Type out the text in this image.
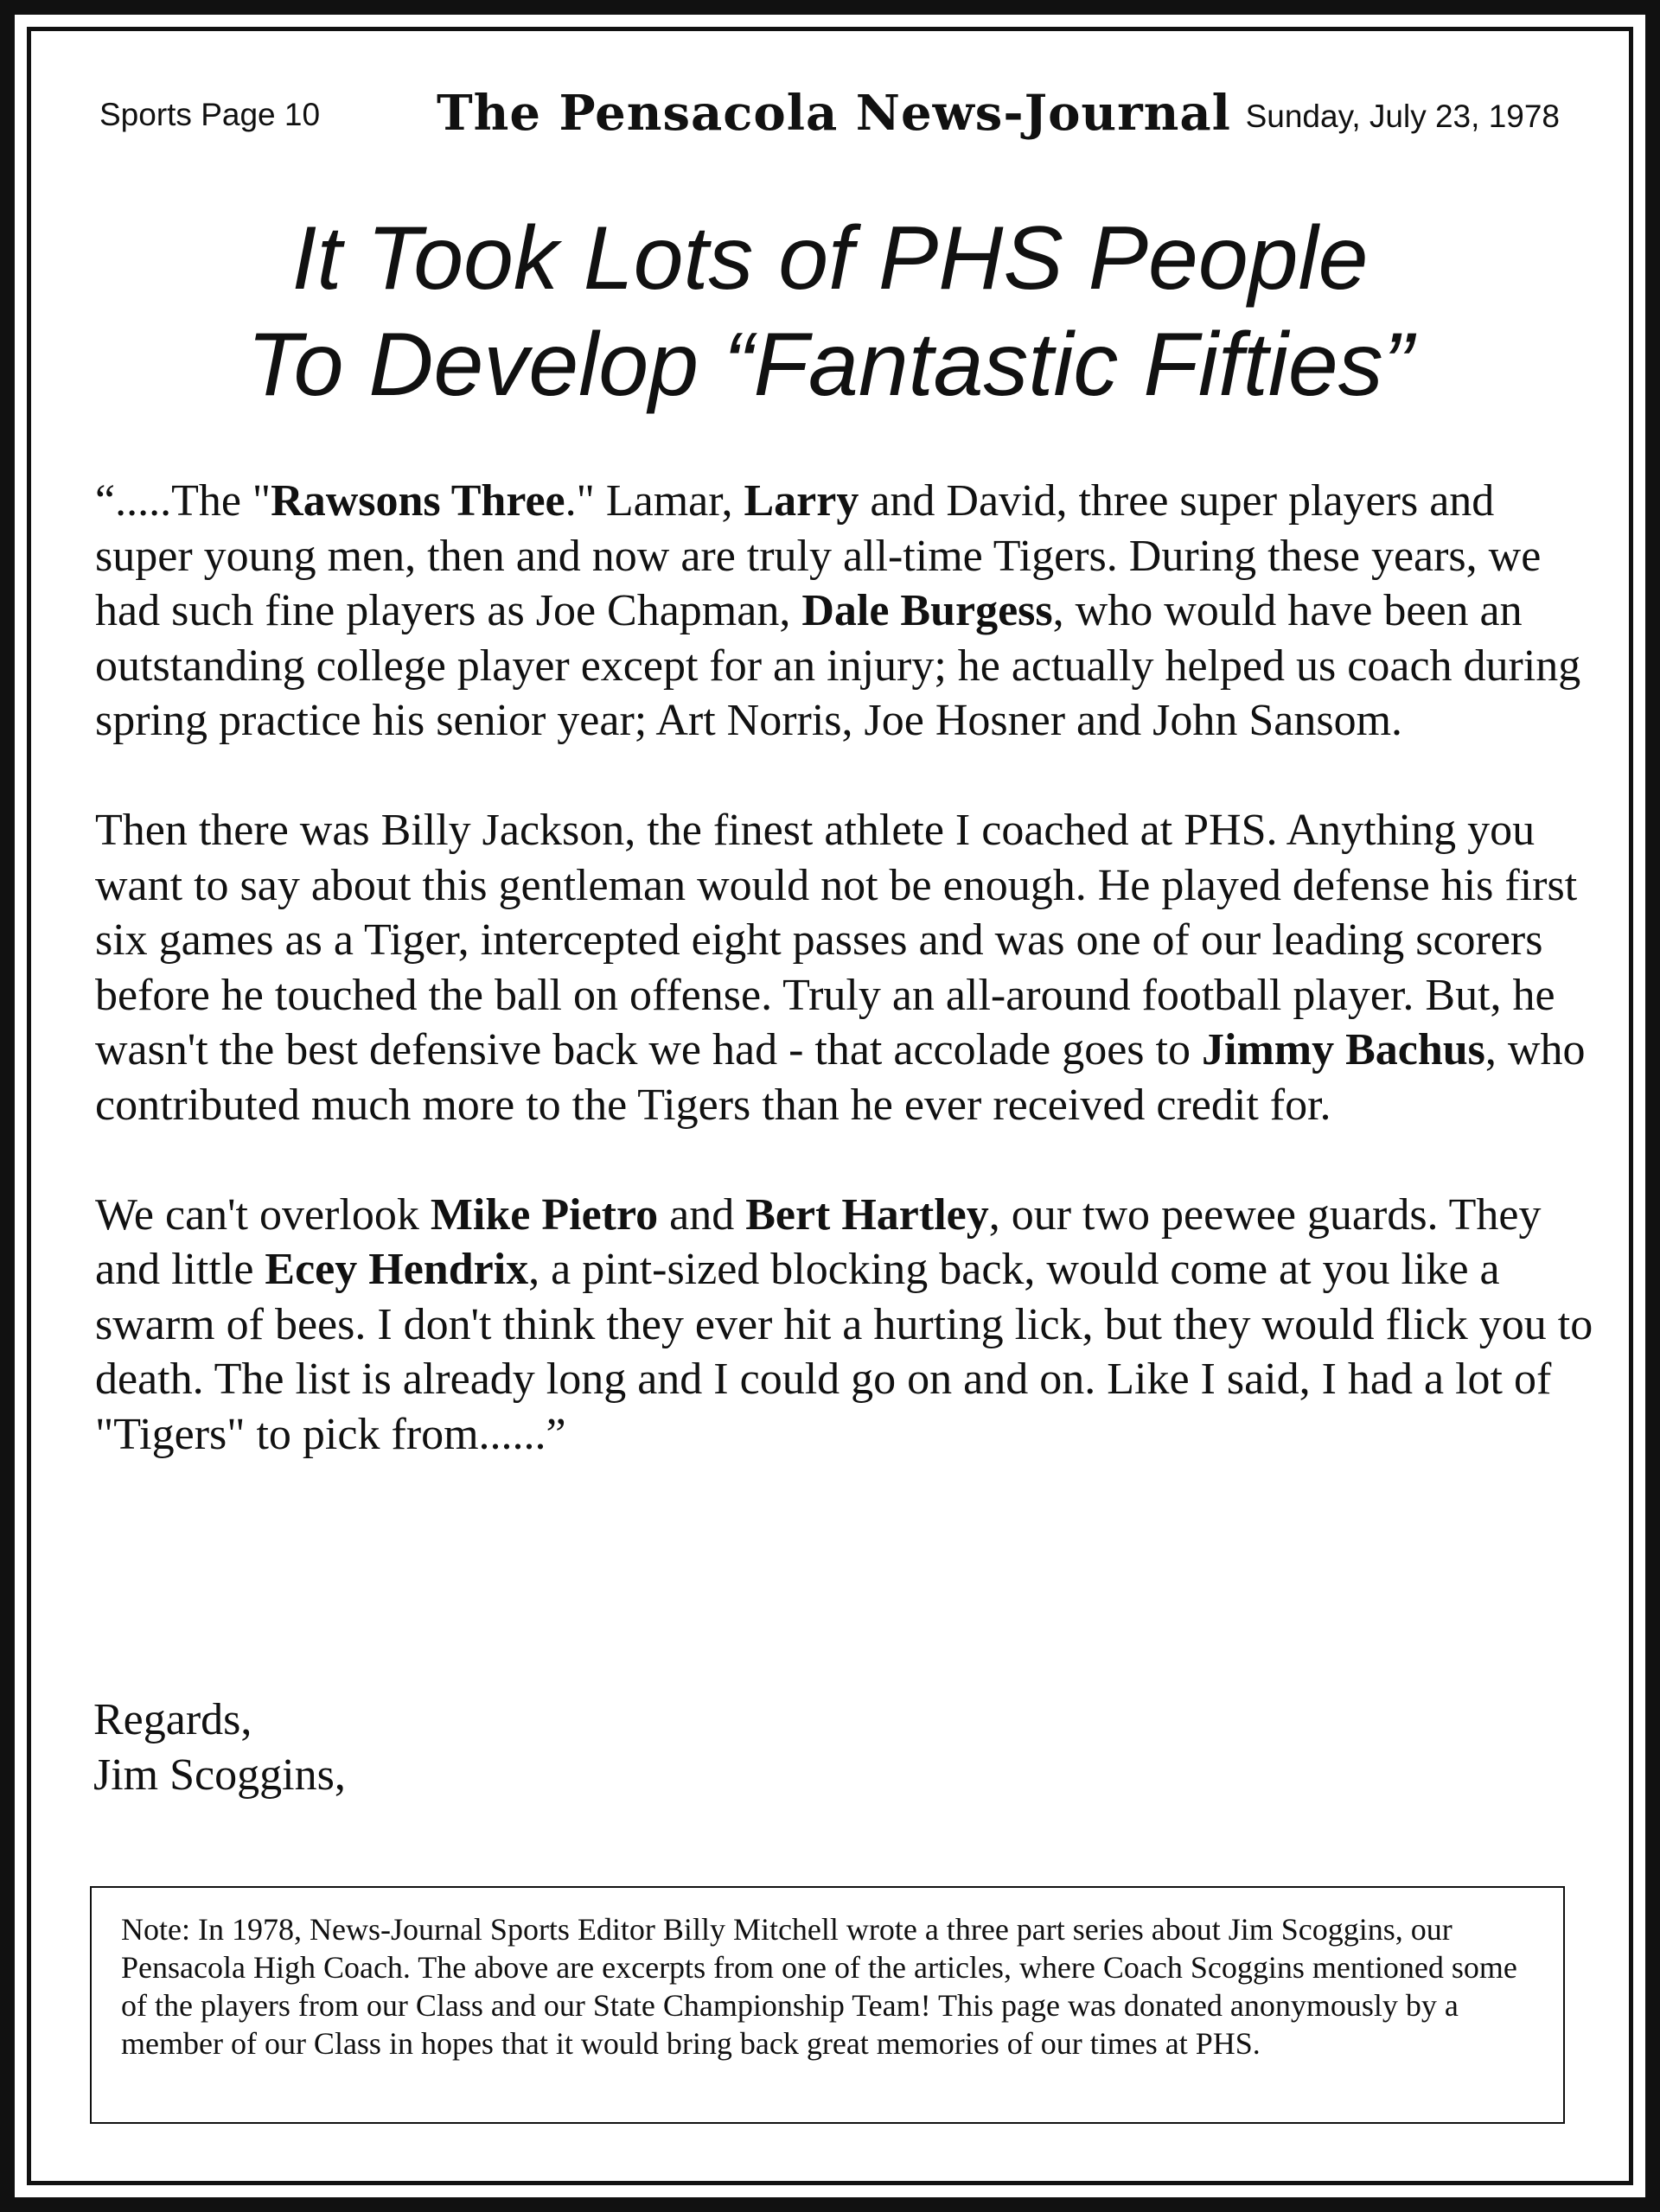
Sports Page 10 The Pensacola News-Journal Sunday, July 23, 1978
It Took Lots of PHS People
To Develop “Fantastic Fifties”

“.....The "Rawsons Three." Lamar, Larry and David, three super players and super young men, then and now are truly all-time Tigers. During these years, we had such fine players as Joe Chapman, Dale Burgess, who would have been an outstanding college player except for an injury; he actually helped us coach during spring practice his senior year; Art Norris, Joe Hosner and John Sansom.

Then there was Billy Jackson, the finest athlete I coached at PHS. Anything you want to say about this gentleman would not be enough. He played defense his first six games as a Tiger, intercepted eight passes and was one of our leading scorers before he touched the ball on offense. Truly an all-around football player. But, he wasn't the best defensive back we had - that accolade goes to Jimmy Bachus, who contributed much more to the Tigers than he ever received credit for.

We can't overlook Mike Pietro and Bert Hartley, our two peewee guards. They and little Ecey Hendrix, a pint-sized blocking back, would come at you like a swarm of bees. I don't think they ever hit a hurting lick, but they would flick you to death. The list is already long and I could go on and on. Like I said, I had a lot of "Tigers" to pick from......”

Regards,
Jim Scoggins,
Note: In 1978, News-Journal Sports Editor Billy Mitchell wrote a three part series about Jim Scoggins, our Pensacola High Coach. The above are excerpts from one of the articles, where Coach Scoggins mentioned some of the players from our Class and our State Championship Team! This page was donated anonymously by a member of our Class in hopes that it would bring back great memories of our times at PHS.
